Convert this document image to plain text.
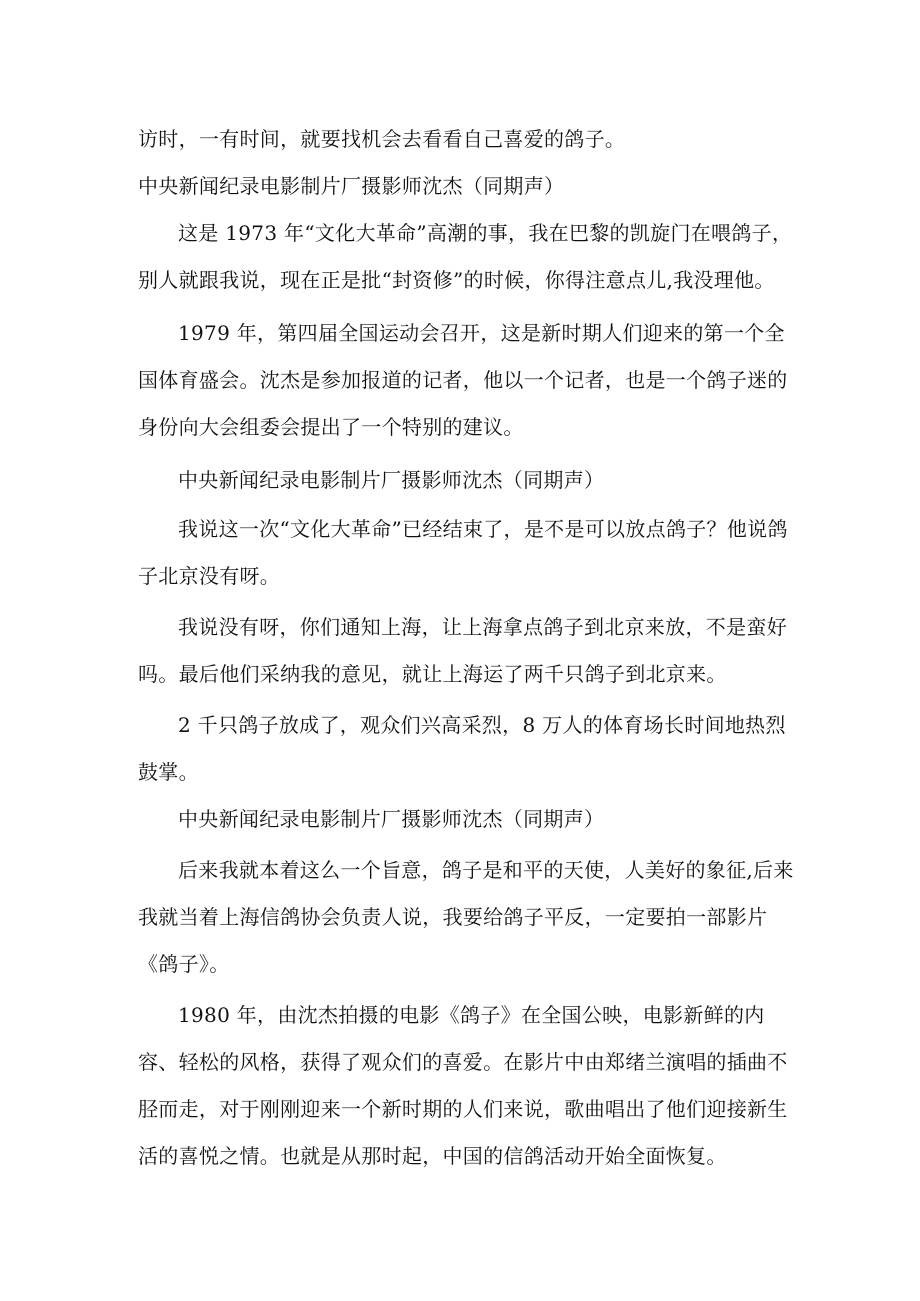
访时，一有时间，就要找机会去看看自己喜爱的鸽子。

中央新闻纪录电影制片厂摄影师沈杰（同期声）

这是 1973 年“文化大革命”高潮的事，我在巴黎的凯旋门在喂鸽子，别人就跟我说，现在正是批“封资修”的时候，你得注意点儿,我没理他。

1979 年，第四届全国运动会召开，这是新时期人们迎来的第一个全国体育盛会。沈杰是参加报道的记者，他以一个记者，也是一个鸽子迷的身份向大会组委会提出了一个特别的建议。

中央新闻纪录电影制片厂摄影师沈杰（同期声）

我说这一次“文化大革命”已经结束了，是不是可以放点鸽子？他说鸽子北京没有呀。

我说没有呀，你们通知上海，让上海拿点鸽子到北京来放，不是蛮好吗。最后他们采纳我的意见，就让上海运了两千只鸽子到北京来。

2 千只鸽子放成了，观众们兴高采烈，8 万人的体育场长时间地热烈鼓掌。

中央新闻纪录电影制片厂摄影师沈杰（同期声）

后来我就本着这么一个旨意，鸽子是和平的天使，人美好的象征,后来我就当着上海信鸽协会负责人说，我要给鸽子平反，一定要拍一部影片《鸽子》。

1980 年，由沈杰拍摄的电影《鸽子》在全国公映，电影新鲜的内容、轻松的风格，获得了观众们的喜爱。在影片中由郑绪兰演唱的插曲不胫而走，对于刚刚迎来一个新时期的人们来说，歌曲唱出了他们迎接新生活的喜悦之情。也就是从那时起，中国的信鸽活动开始全面恢复。
